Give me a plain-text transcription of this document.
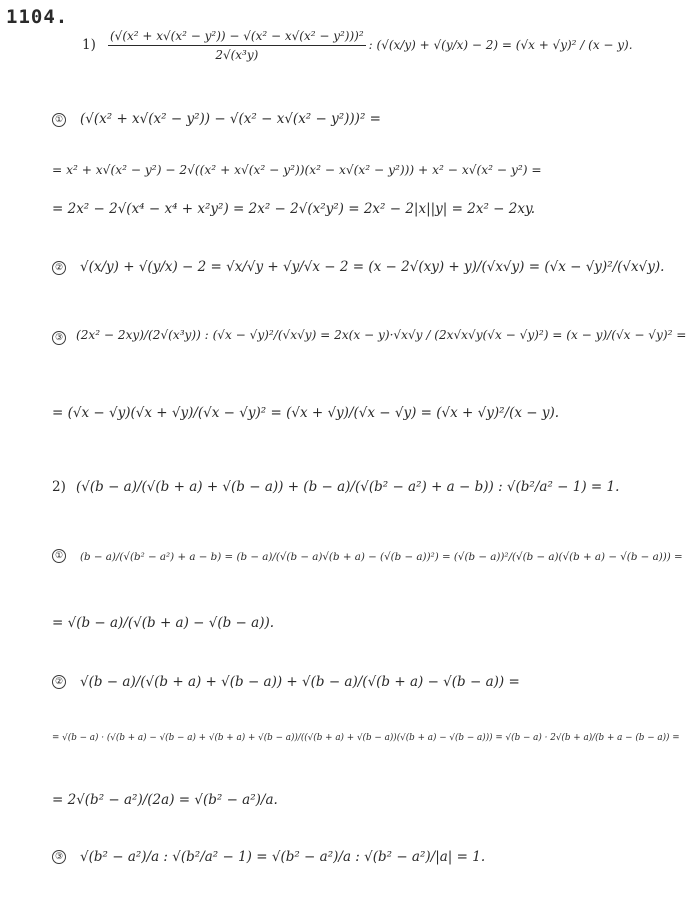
1104.
$1) \frac{\text{(√(x² + x√(x² − y²)) − √(x² − x√(x² − y²)))²}}{\text{2√(x³y)}}$ : (√(x/y) + √(y/x) − 2) = (√x + √y)² / (x − y).
① (√(x² + x√(x² − y²)) − √(x² − x√(x² − y²)))² =
= x² + x√(x² − y²) − 2√((x² + x√(x² − y²))(x² − x√(x² − y²))) + x² − x√(x² − y²) =
= 2x² − 2√(x⁴ − x⁴ + x²y²) = 2x² − 2√(x²y²) = 2x² − 2|x||y| = 2x² − 2xy.
② √(x/y) + √(y/x) − 2 = √x/√y + √y/√x − 2 = (x − 2√(xy) + y)/(√x√y) = (√x − √y)²/(√x√y).
③ (2x² − 2xy)/(2√(x³y)) : (√x − √y)²/(√x√y) = 2x(x − y)·√x√y / (2x√x√y(√x − √y)²) = (x − y)/(√x − √y)² =
= (√x − √y)(√x + √y)/(√x − √y)² = (√x + √y)/(√x − √y) = (√x + √y)²/(x − y).
2) (√(b − a)/(√(b + a) + √(b − a)) + (b − a)/(√(b² − a²) + a − b)) : √(b²/a² − 1) = 1.
① (b − a)/(√(b² − a²) + a − b) = (b − a)/(√(b − a)√(b + a) − (√(b − a))²) = (√(b − a))²/(√(b − a)(√(b + a) − √(b − a))) =
= √(b − a)/(√(b + a) − √(b − a)).
② √(b − a)/(√(b + a) + √(b − a)) + √(b − a)/(√(b + a) − √(b − a)) =
= √(b − a) · (√(b + a) − √(b − a) + √(b + a) + √(b − a))/((√(b + a) + √(b − a))(√(b + a) − √(b − a))) = √(b − a) · 2√(b + a)/(b + a − (b − a)) =
= 2√(b² − a²)/(2a) = √(b² − a²)/a.
③ √(b² − a²)/a : √(b²/a² − 1) = √(b² − a²)/a : √(b² − a²)/|a| = 1.
